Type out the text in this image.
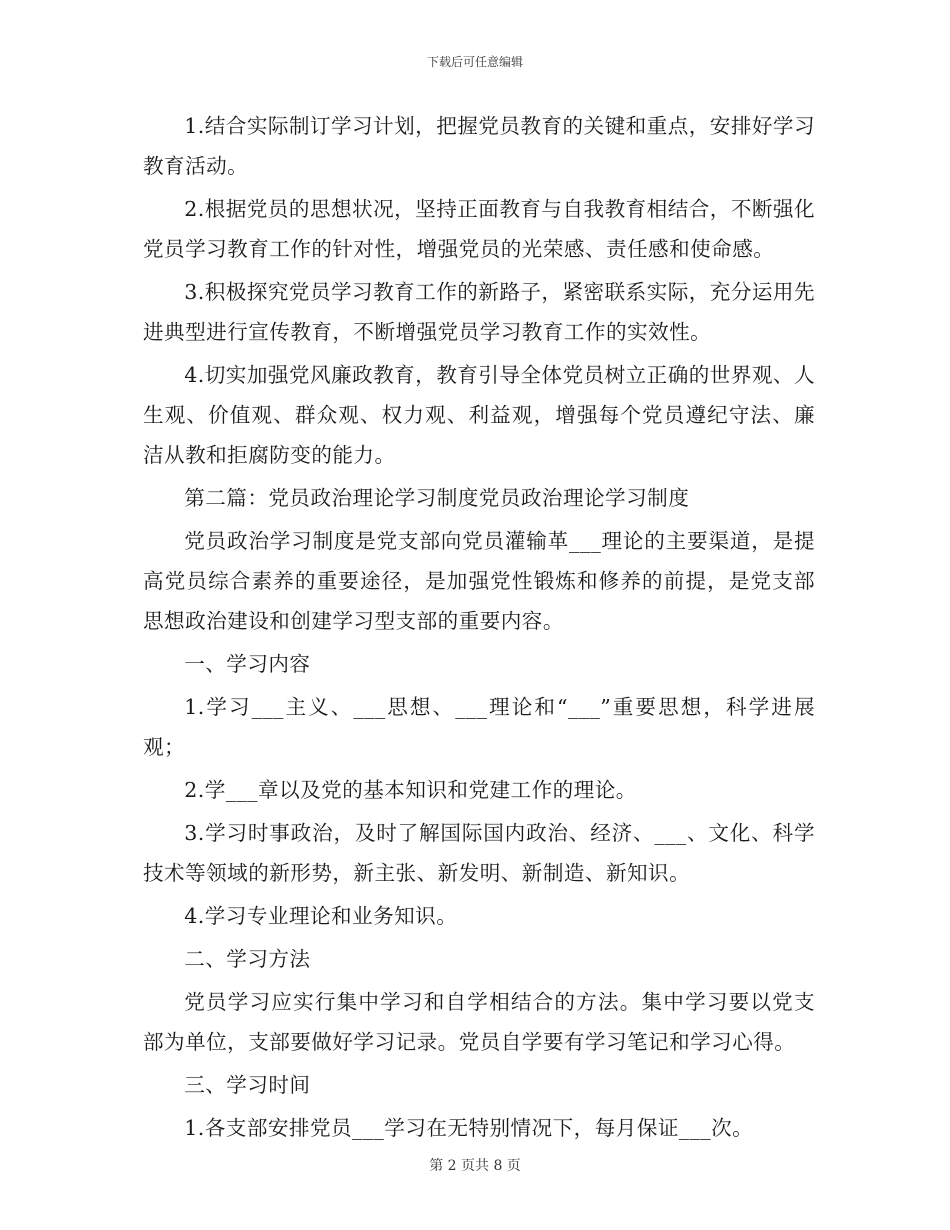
下载后可任意编辑

1.结合实际制订学习计划，把握党员教育的关键和重点，安排好学习教育活动。

2.根据党员的思想状况，坚持正面教育与自我教育相结合，不断强化党员学习教育工作的针对性，增强党员的光荣感、责任感和使命感。

3.积极探究党员学习教育工作的新路子，紧密联系实际，充分运用先进典型进行宣传教育，不断增强党员学习教育工作的实效性。

4.切实加强党风廉政教育，教育引导全体党员树立正确的世界观、人生观、价值观、群众观、权力观、利益观，增强每个党员遵纪守法、廉洁从教和拒腐防变的能力。

第二篇：党员政治理论学习制度党员政治理论学习制度

党员政治学习制度是党支部向党员灌输革___理论的主要渠道，是提高党员综合素养的重要途径，是加强党性锻炼和修养的前提，是党支部思想政治建设和创建学习型支部的重要内容。

一、学习内容

1.学习___主义、___思想、___理论和“___”重要思想，科学进展观；

2.学___章以及党的基本知识和党建工作的理论。

3.学习时事政治，及时了解国际国内政治、经济、___、文化、科学技术等领域的新形势，新主张、新发明、新制造、新知识。

4.学习专业理论和业务知识。

二、学习方法

党员学习应实行集中学习和自学相结合的方法。集中学习要以党支部为单位，支部要做好学习记录。党员自学要有学习笔记和学习心得。

三、学习时间

1.各支部安排党员___学习在无特别情况下，每月保证___次。

第 2 页共 8 页
